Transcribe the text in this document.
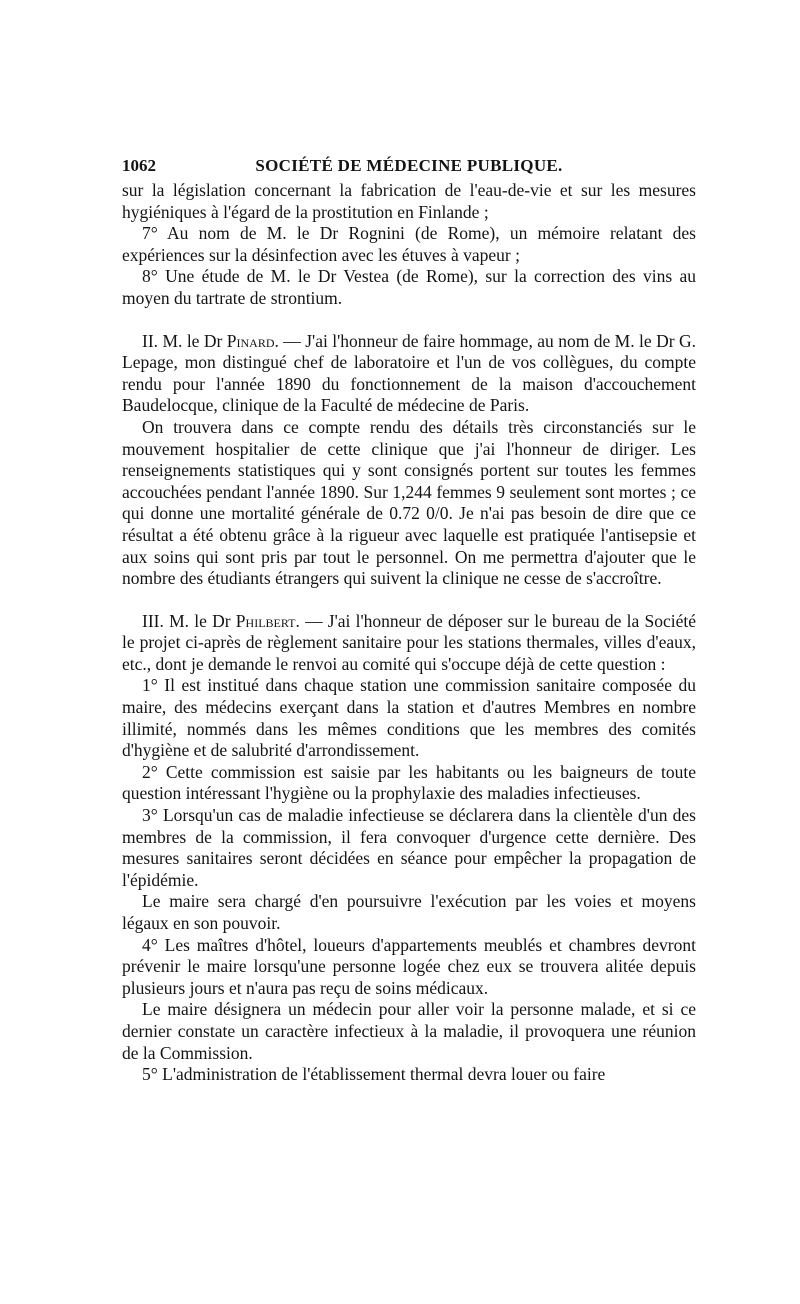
1062	SOCIÉTÉ DE MÉDECINE PUBLIQUE.

sur la législation concernant la fabrication de l'eau-de-vie et sur les mesures hygiéniques à l'égard de la prostitution en Finlande ;

7° Au nom de M. le Dr Rognini (de Rome), un mémoire relatant des expériences sur la désinfection avec les étuves à vapeur ;

8° Une étude de M. le Dr Vestea (de Rome), sur la correction des vins au moyen du tartrate de strontium.

II. M. le Dr Pinard. — J'ai l'honneur de faire hommage, au nom de M. le Dr G. Lepage, mon distingué chef de laboratoire et l'un de vos collègues, du compte rendu pour l'année 1890 du fonctionnement de la maison d'accouchement Baudelocque, clinique de la Faculté de médecine de Paris.

On trouvera dans ce compte rendu des détails très circonstanciés sur le mouvement hospitalier de cette clinique que j'ai l'honneur de diriger. Les renseignements statistiques qui y sont consignés portent sur toutes les femmes accouchées pendant l'année 1890. Sur 1,244 femmes 9 seulement sont mortes ; ce qui donne une mortalité générale de 0.72 0/0. Je n'ai pas besoin de dire que ce résultat a été obtenu grâce à la rigueur avec laquelle est pratiquée l'antisepsie et aux soins qui sont pris par tout le personnel. On me permettra d'ajouter que le nombre des étudiants étrangers qui suivent la clinique ne cesse de s'accroître.

III. M. le Dr Philbert. — J'ai l'honneur de déposer sur le bureau de la Société le projet ci-après de règlement sanitaire pour les stations thermales, villes d'eaux, etc., dont je demande le renvoi au comité qui s'occupe déjà de cette question :

1° Il est institué dans chaque station une commission sanitaire composée du maire, des médecins exerçant dans la station et d'autres Membres en nombre illimité, nommés dans les mêmes conditions que les membres des comités d'hygiène et de salubrité d'arrondissement.

2° Cette commission est saisie par les habitants ou les baigneurs de toute question intéressant l'hygiène ou la prophylaxie des maladies infectieuses.

3° Lorsqu'un cas de maladie infectieuse se déclarera dans la clientèle d'un des membres de la commission, il fera convoquer d'urgence cette dernière. Des mesures sanitaires seront décidées en séance pour empêcher la propagation de l'épidémie.

Le maire sera chargé d'en poursuivre l'exécution par les voies et moyens légaux en son pouvoir.

4° Les maîtres d'hôtel, loueurs d'appartements meublés et chambres devront prévenir le maire lorsqu'une personne logée chez eux se trouvera alitée depuis plusieurs jours et n'aura pas reçu de soins médicaux.

Le maire désignera un médecin pour aller voir la personne malade, et si ce dernier constate un caractère infectieux à la maladie, il provoquera une réunion de la Commission.

5° L'administration de l'établissement thermal devra louer ou faire
